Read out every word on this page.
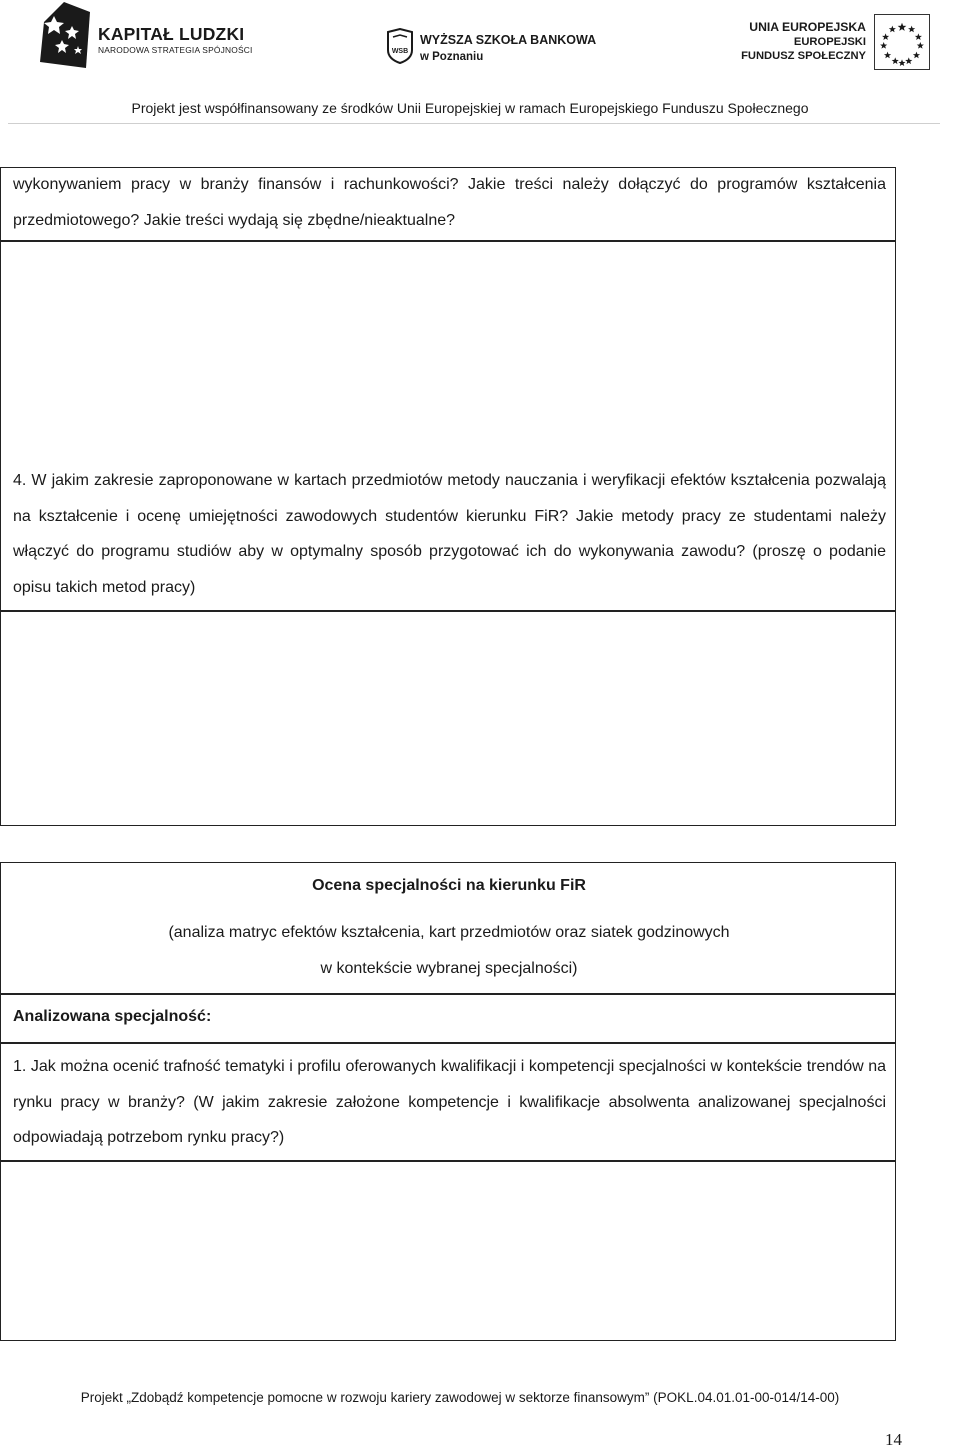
KAPITAŁ LUDZKI
NARODOWA STRATEGIA SPÓJNOŚCI	WSB
WYŻSZA SZKOŁA BANKOWA
w Poznaniu
UNIA EUROPEJSKA
EUROPEJSKI
FUNDUSZ SPOŁECZNY
Projekt jest współfinansowany ze środków Unii Europejskiej w ramach Europejskiego Funduszu Społecznego

wykonywaniem pracy w branży finansów i rachunkowości? Jakie treści należy dołączyć do programów kształcenia przedmiotowego? Jakie treści wydają się zbędne/nieaktualne?

4. W jakim zakresie zaproponowane w kartach przedmiotów metody nauczania i weryfikacji efektów kształcenia pozwalają na kształcenie i ocenę umiejętności zawodowych studentów kierunku FiR? Jakie metody pracy ze studentami należy włączyć do programu studiów aby w optymalny sposób przygotować ich do wykonywania zawodu? (proszę o podanie opisu takich metod pracy)

Ocena specjalności na kierunku FiR
(analiza matryc efektów kształcenia, kart przedmiotów oraz siatek godzinowych
w kontekście wybranej specjalności)
Analizowana specjalność:

1. Jak można ocenić trafność tematyki i profilu oferowanych kwalifikacji i kompetencji specjalności w kontekście trendów na rynku pracy w branży? (W jakim zakresie założone kompetencje i kwalifikacje absolwenta analizowanej specjalności odpowiadają potrzebom rynku pracy?)

Projekt „Zdobądź kompetencje pomocne w rozwoju kariery zawodowej w sektorze finansowym” (POKL.04.01.01-00-014/14-00)
14
